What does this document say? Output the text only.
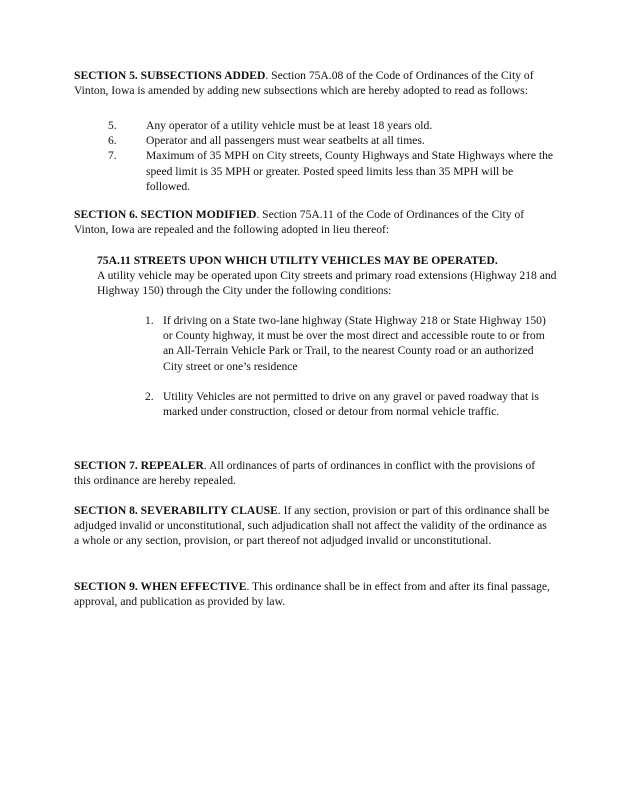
SECTION 5. SUBSECTIONS ADDED. Section 75A.08 of the Code of Ordinances of the City of Vinton, Iowa is amended by adding new subsections which are hereby adopted to read as follows:

5.	Any operator of a utility vehicle must be at least 18 years old.
6.	Operator and all passengers must wear seatbelts at all times.
7.	Maximum of 35 MPH on City streets, County Highways and State Highways where the speed limit is 35 MPH or greater. Posted speed limits less than 35 MPH will be followed.

SECTION 6. SECTION MODIFIED. Section 75A.11 of the Code of Ordinances of the City of Vinton, Iowa are repealed and the following adopted in lieu thereof:

75A.11 STREETS UPON WHICH UTILITY VEHICLES MAY BE OPERATED.
A utility vehicle may be operated upon City streets and primary road extensions (Highway 218 and Highway 150) through the City under the following conditions:
1. If driving on a State two-lane highway (State Highway 218 or State Highway 150) or County highway, it must be over the most direct and accessible route to or from an All-Terrain Vehicle Park or Trail, to the nearest County road or an authorized City street or one’s residence
2. Utility Vehicles are not permitted to drive on any gravel or paved roadway that is marked under construction, closed or detour from normal vehicle traffic.

SECTION 7. REPEALER. All ordinances of parts of ordinances in conflict with the provisions of this ordinance are hereby repealed.

SECTION 8. SEVERABILITY CLAUSE. If any section, provision or part of this ordinance shall be adjudged invalid or unconstitutional, such adjudication shall not affect the validity of the ordinance as a whole or any section, provision, or part thereof not adjudged invalid or unconstitutional.

SECTION 9. WHEN EFFECTIVE. This ordinance shall be in effect from and after its final passage, approval, and publication as provided by law.
